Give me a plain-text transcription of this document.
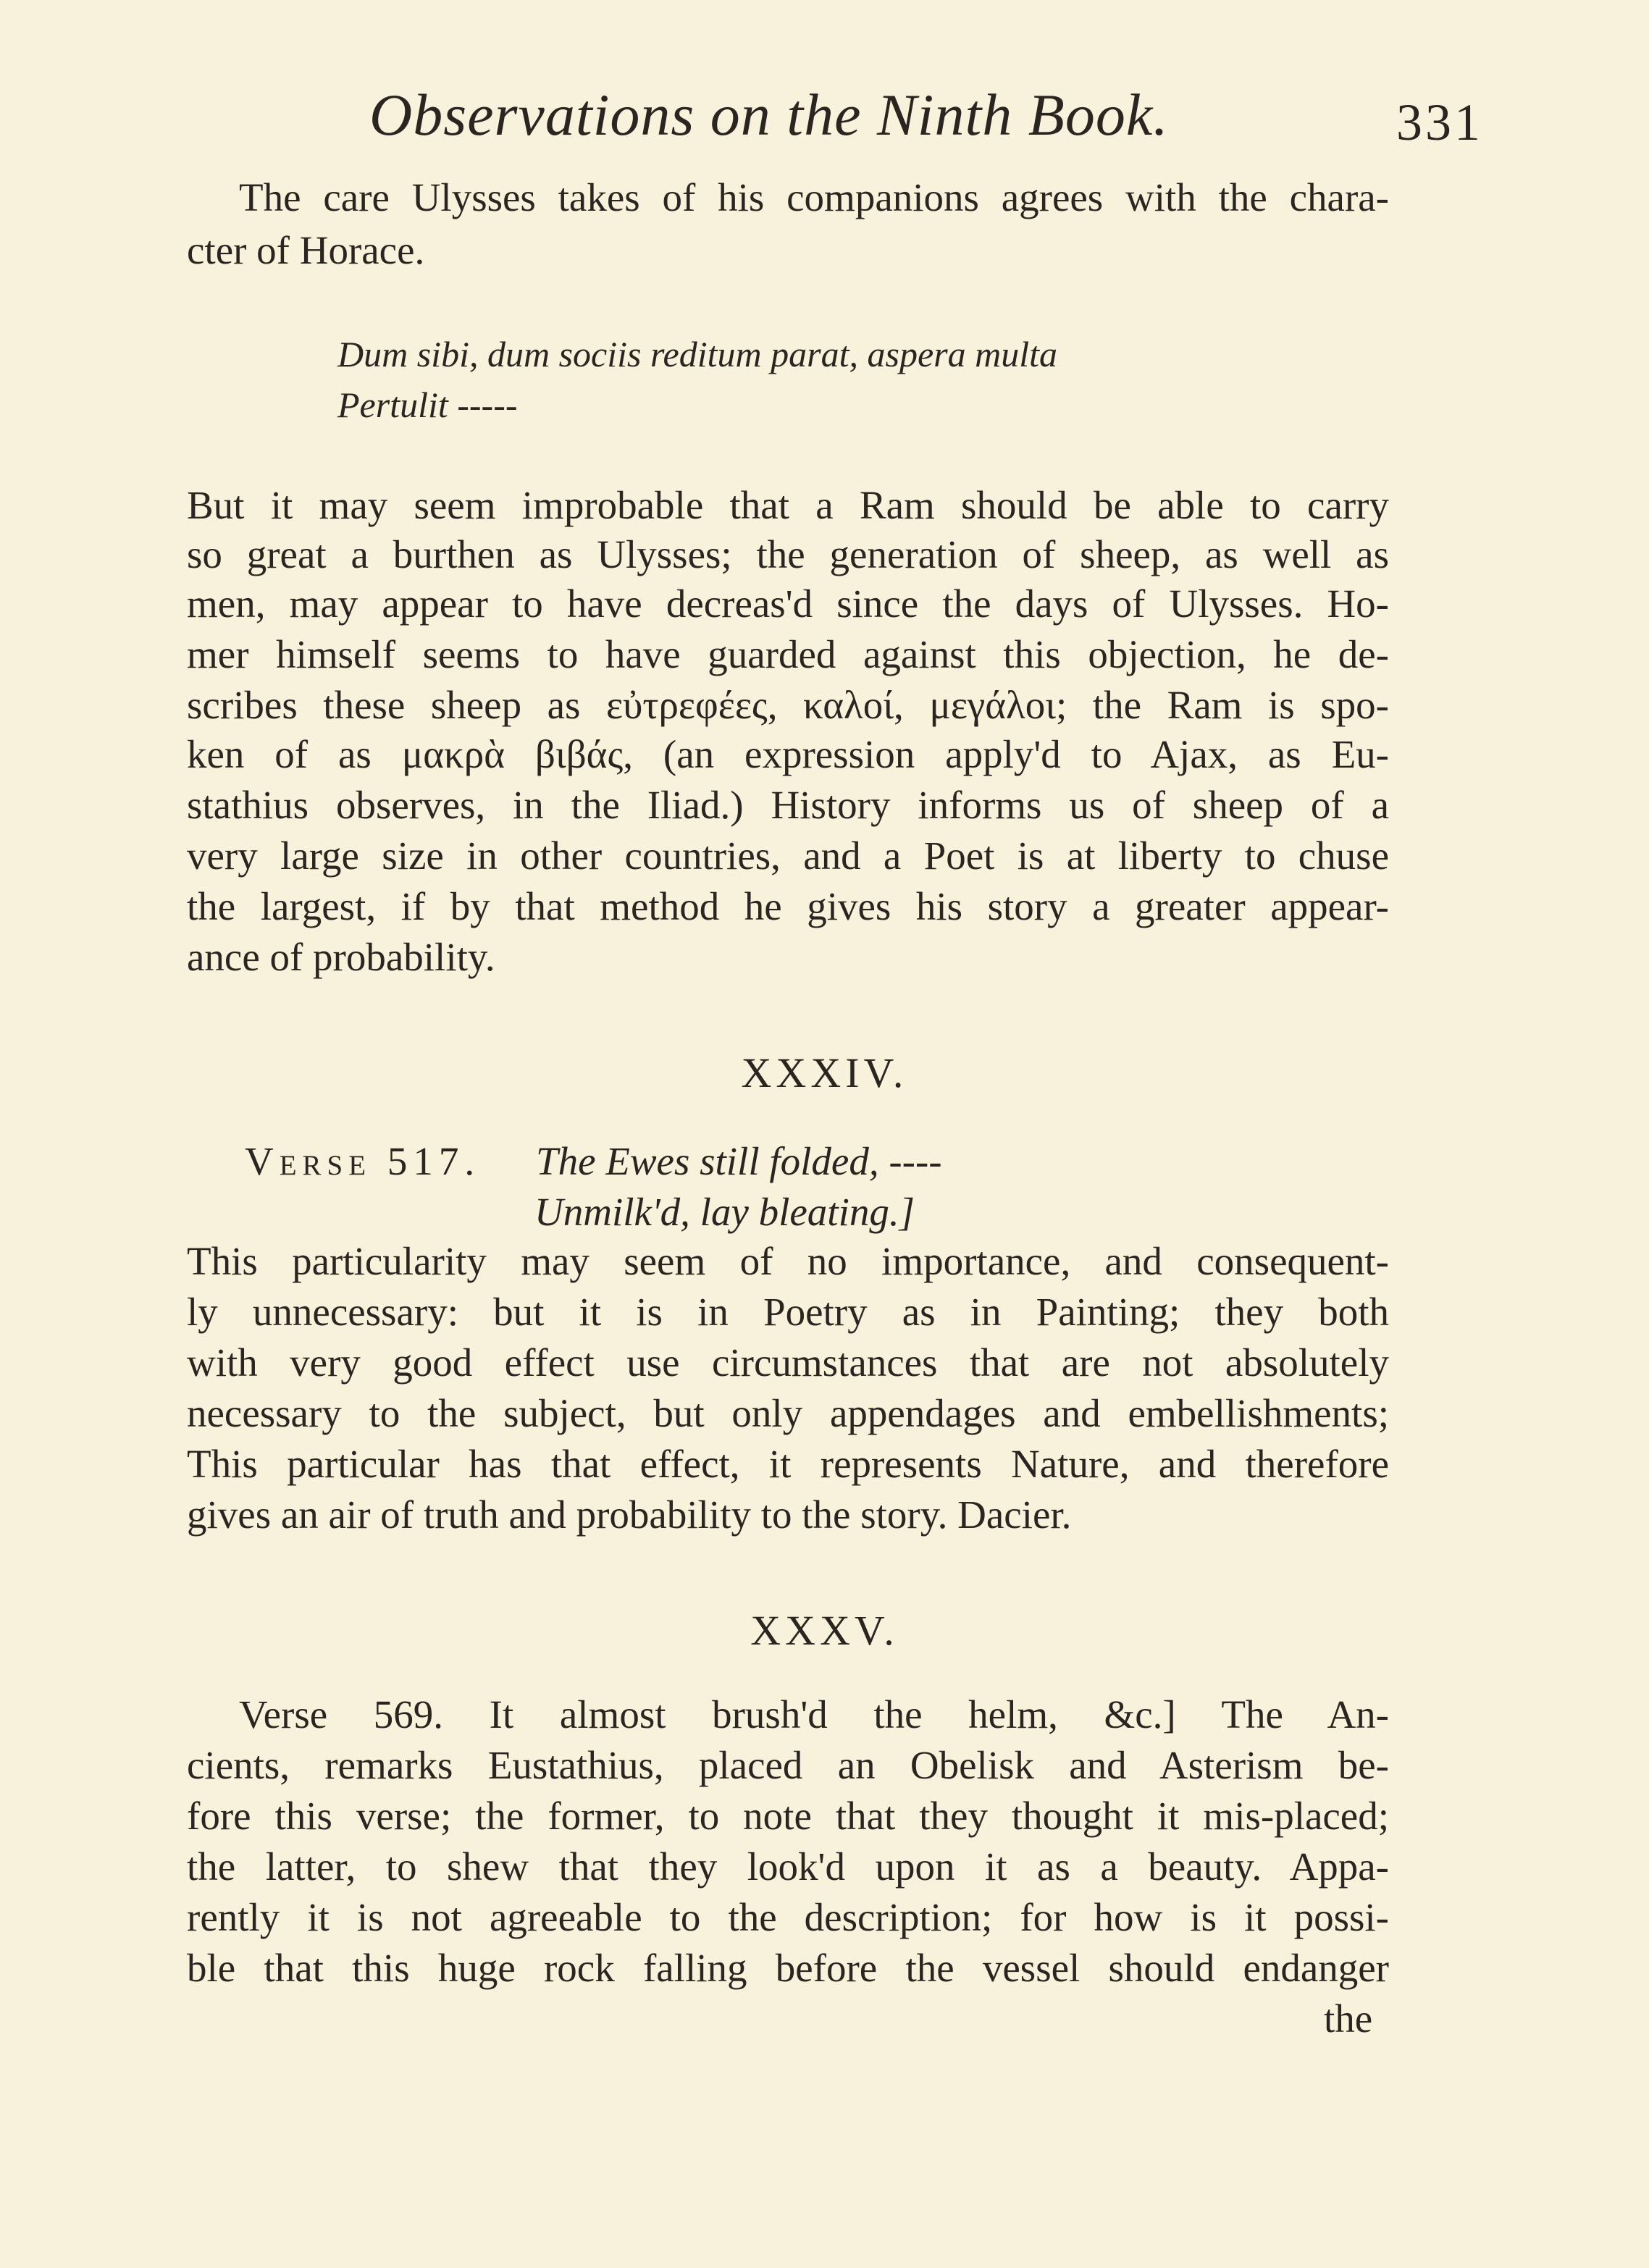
Observations on the Ninth Book.	331
The care Ulysses takes of his companions agrees with the chara-
cter of Horace.
Dum sibi, dum sociis reditum parat, aspera multa
Pertulit -----
But it may seem improbable that a Ram should be able to carry
so great a burthen as Ulysses; the generation of sheep, as well as
men, may appear to have decreas'd since the days of Ulysses. Ho-
mer himself seems to have guarded against this objection, he de-
scribes these sheep as εὐτρεφέες, καλοί, μεγάλοι; the Ram is spo-
ken of as μακρὰ βιβάς, (an expression apply'd to Ajax, as Eu-
stathius observes, in the Iliad.) History informs us of sheep of a
very large size in other countries, and a Poet is at liberty to chuse
the largest, if by that method he gives his story a greater appear-
ance of probability.
XXXIV.
Verse 517. The Ewes still folded, ----
Unmilk'd, lay bleating.]
This particularity may seem of no importance, and consequent-
ly unnecessary: but it is in Poetry as in Painting; they both
with very good effect use circumstances that are not absolutely
necessary to the subject, but only appendages and embellishments;
This particular has that effect, it represents Nature, and therefore
gives an air of truth and probability to the story. Dacier.
XXXV.
Verse 569. It almost brush'd the helm, &c.] The An-
cients, remarks Eustathius, placed an Obelisk and Asterism be-
fore this verse; the former, to note that they thought it mis-placed;
the latter, to shew that they look'd upon it as a beauty. Appa-
rently it is not agreeable to the description; for how is it possi-
ble that this huge rock falling before the vessel should endanger
the
